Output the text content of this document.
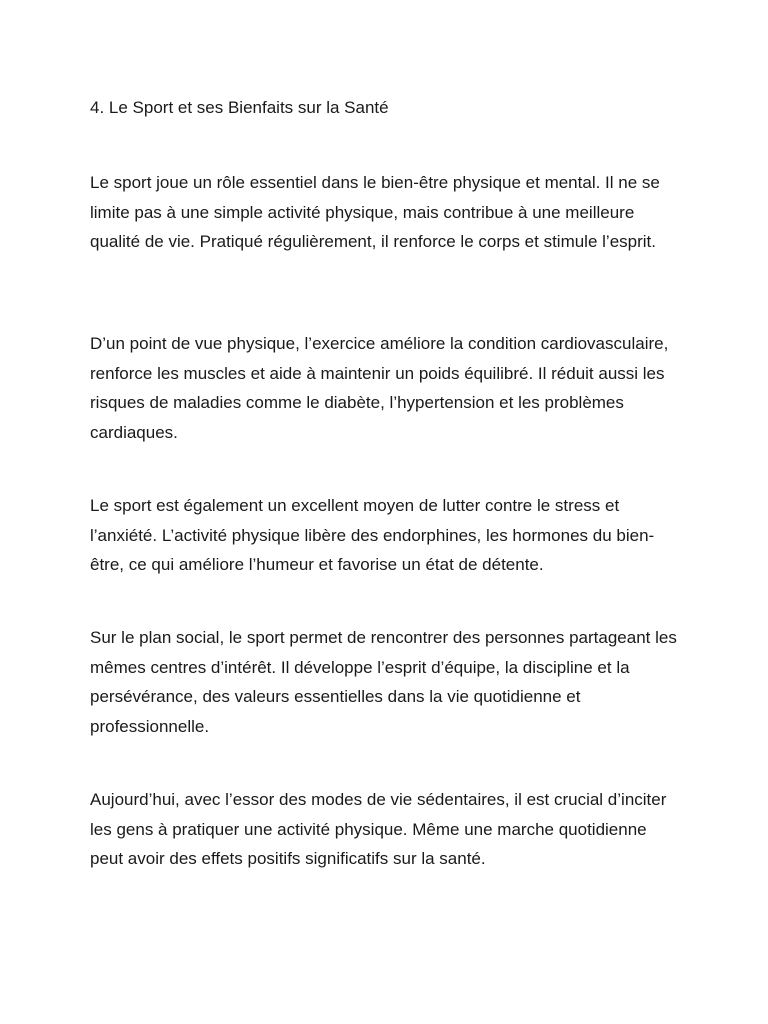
4. Le Sport et ses Bienfaits sur la Santé

Le sport joue un rôle essentiel dans le bien-être physique et mental. Il ne se limite pas à une simple activité physique, mais contribue à une meilleure qualité de vie. Pratiqué régulièrement, il renforce le corps et stimule l’esprit.

D’un point de vue physique, l’exercice améliore la condition cardiovasculaire, renforce les muscles et aide à maintenir un poids équilibré. Il réduit aussi les risques de maladies comme le diabète, l’hypertension et les problèmes cardiaques.

Le sport est également un excellent moyen de lutter contre le stress et l’anxiété. L’activité physique libère des endorphines, les hormones du bien-être, ce qui améliore l’humeur et favorise un état de détente.

Sur le plan social, le sport permet de rencontrer des personnes partageant les mêmes centres d’intérêt. Il développe l’esprit d’équipe, la discipline et la persévérance, des valeurs essentielles dans la vie quotidienne et professionnelle.

Aujourd’hui, avec l’essor des modes de vie sédentaires, il est crucial d’inciter les gens à pratiquer une activité physique. Même une marche quotidienne peut avoir des effets positifs significatifs sur la santé.
